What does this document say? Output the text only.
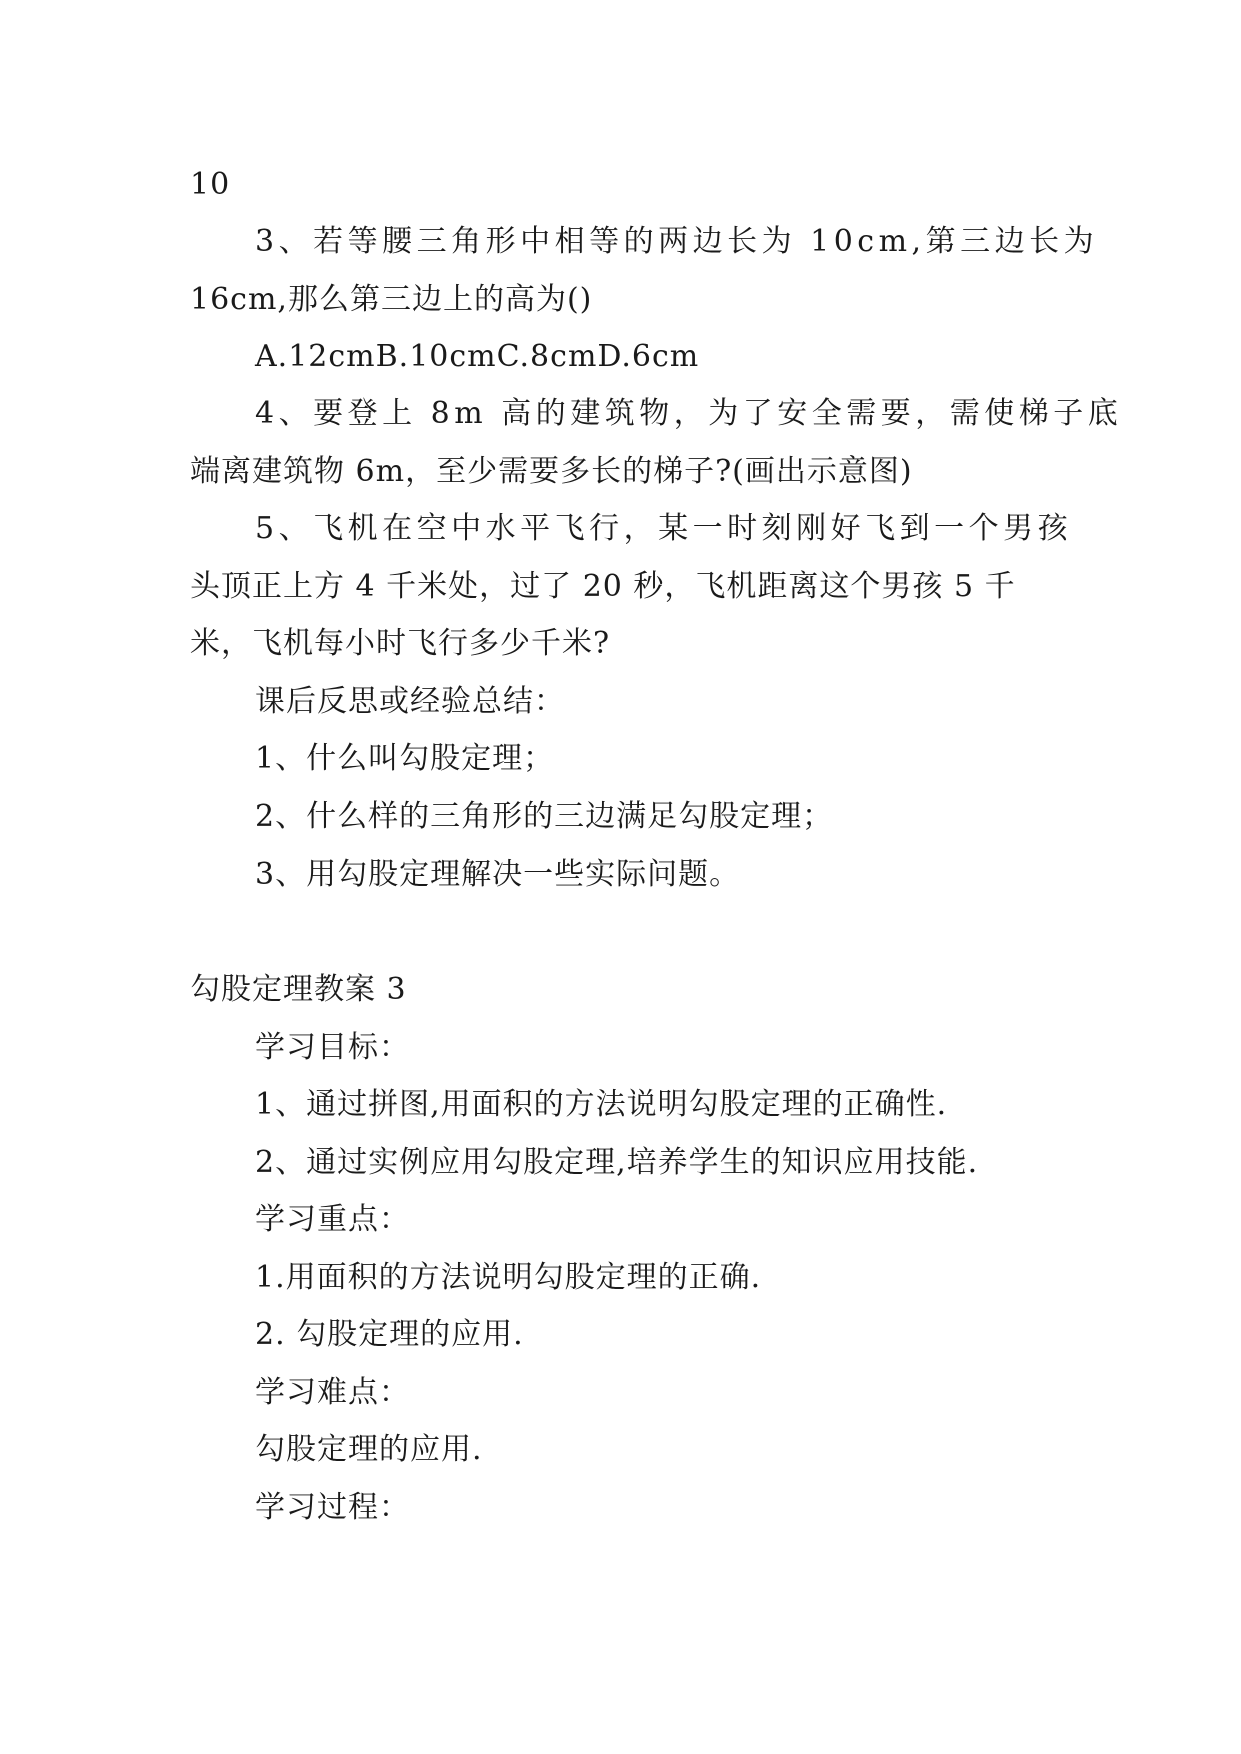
10
3、若等腰三角形中相等的两边长为 10cm,第三边长为
16cm,那么第三边上的高为()
A.12cmB.10cmC.8cmD.6cm
4、要登上 8m 高的建筑物，为了安全需要，需使梯子底
端离建筑物 6m，至少需要多长的梯子?(画出示意图)
5、飞机在空中水平飞行，某一时刻刚好飞到一个男孩
头顶正上方 4 千米处，过了 20 秒，飞机距离这个男孩 5 千
米，飞机每小时飞行多少千米?
课后反思或经验总结：
1、什么叫勾股定理；
2、什么样的三角形的三边满足勾股定理；
3、用勾股定理解决一些实际问题。
勾股定理教案 3
学习目标：
1、通过拼图,用面积的方法说明勾股定理的正确性.
2、通过实例应用勾股定理,培养学生的知识应用技能.
学习重点：
1.用面积的方法说明勾股定理的正确.
2. 勾股定理的应用.
学习难点：
勾股定理的应用.
学习过程：
